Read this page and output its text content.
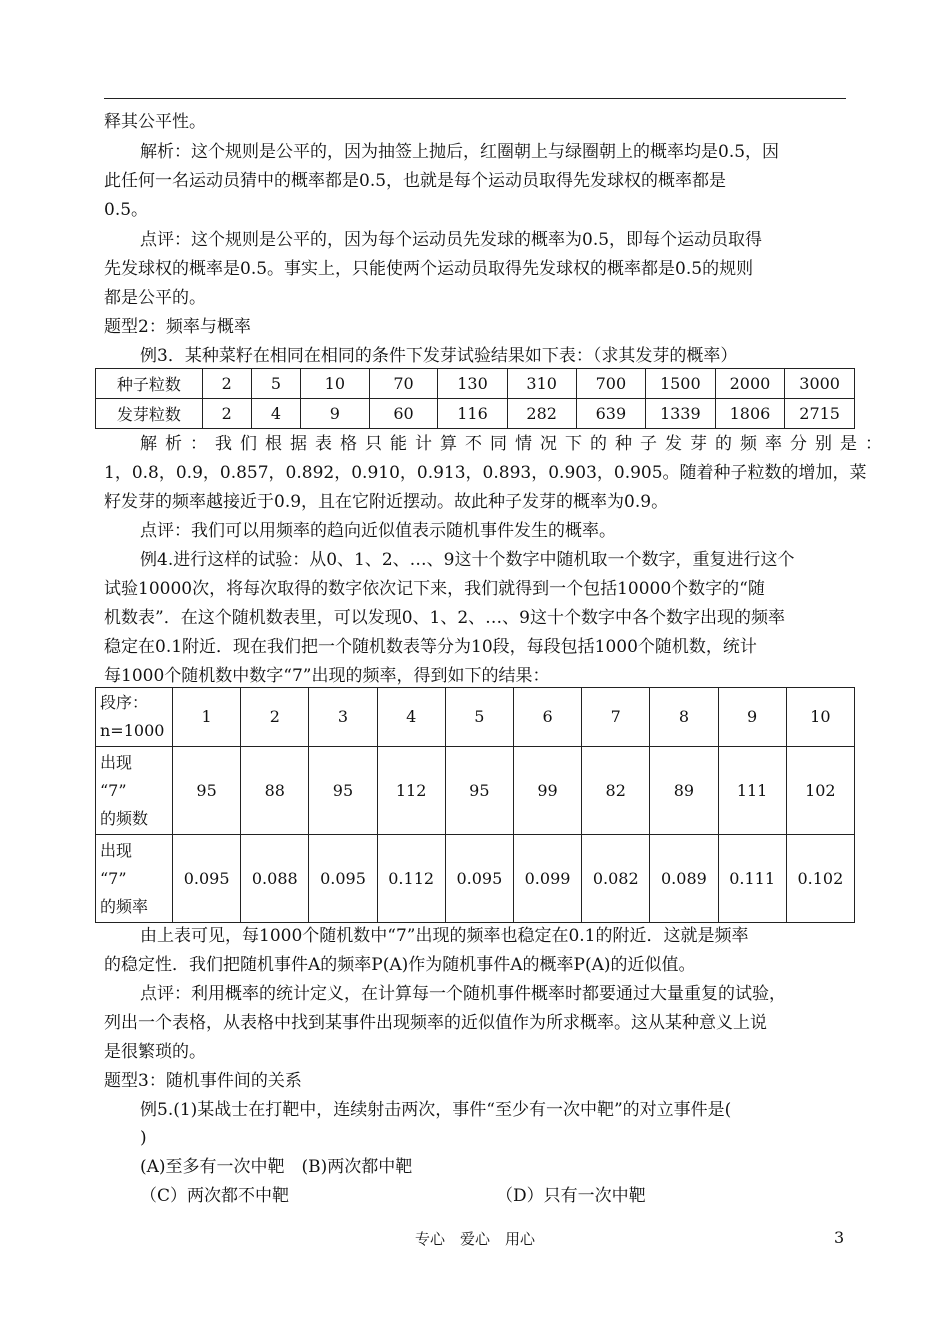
释其公平性。
解析：这个规则是公平的，因为抽签上抛后，红圈朝上与绿圈朝上的概率均是0.5，因
此任何一名运动员猜中的概率都是0.5，也就是每个运动员取得先发球权的概率都是
0.5。
点评：这个规则是公平的，因为每个运动员先发球的概率为0.5，即每个运动员取得
先发球权的概率是0.5。事实上，只能使两个运动员取得先发球权的概率都是0.5的规则
都是公平的。
题型2：频率与概率
例3．某种菜籽在相同在相同的条件下发芽试验结果如下表：（求其发芽的概率）
种子粒数	2	5	10	70	130	310	700	1500	2000	3000
发芽粒数	2	4	9	60	116	282	639	1339	1806	2715
解 析 ： 我 们 根 据 表 格 只 能 计 算 不 同 情 况 下 的 种 子 发 芽 的 频 率 分 别 是 ：
1，0.8，0.9，0.857，0.892，0.910，0.913，0.893，0.903，0.905。随着种子粒数的增加，菜
籽发芽的频率越接近于0.9，且在它附近摆动。故此种子发芽的概率为0.9。
点评：我们可以用频率的趋向近似值表示随机事件发生的概率。
例4.进行这样的试验：从0、1、2、…、9这十个数字中随机取一个数字，重复进行这个
试验10000次，将每次取得的数字依次记下来，我们就得到一个包括10000个数字的“随
机数表”．在这个随机数表里，可以发现0、1、2、…、9这十个数字中各个数字出现的频率
稳定在0.1附近．现在我们把一个随机数表等分为10段，每段包括1000个随机数，统计
每1000个随机数中数字“7”出现的频率，得到如下的结果：
段序：
n=1000	1	2	3	4	5	6	7	8	9	10
出现
“7”
的频数	95	88	95	112	95	99	82	89	111	102
出现
“7”
的频率	0.095	0.088	0.095	0.112	0.095	0.099	0.082	0.089	0.111	0.102
由上表可见，每1000个随机数中“7”出现的频率也稳定在0.1的附近．这就是频率
的稳定性．我们把随机事件A的频率P(A)作为随机事件A的概率P(A)的近似值。
点评：利用概率的统计定义，在计算每一个随机事件概率时都要通过大量重复的试验，
列出一个表格，从表格中找到某事件出现频率的近似值作为所求概率。这从某种意义上说
是很繁琐的。
题型3：随机事件间的关系
例5.(1)某战士在打靶中，连续射击两次，事件“至少有一次中靶”的对立事件是(
)
(A)至多有一次中靶　(B)两次都中靶
（C）两次都不中靶	（D）只有一次中靶
专心　爱心　用心	3
